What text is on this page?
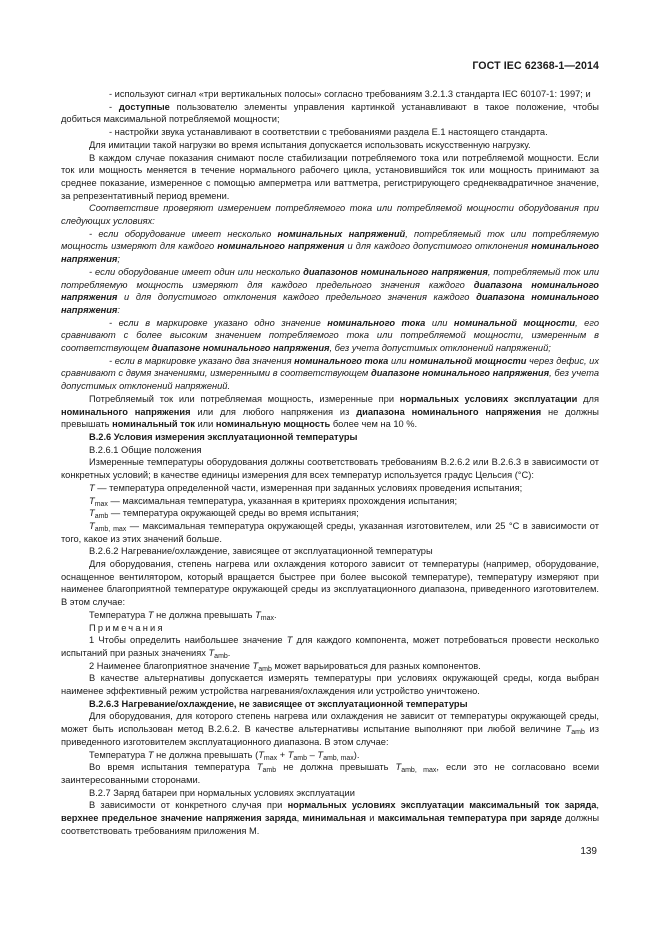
ГОСТ IEC 62368-1—2014

- используют сигнал «три вертикальных полосы» согласно требованиям 3.2.1.3 стандарта IEC 60107-1: 1997; и

- доступные пользователю элементы управления картинкой устанавливают в такое положение, чтобы добиться максимальной потребляемой мощности;

- настройки звука устанавливают в соответствии с требованиями раздела Е.1 настоящего стандарта.

Для имитации такой нагрузки во время испытания допускается использовать искусственную нагрузку.

В каждом случае показания снимают после стабилизации потребляемого тока или потребляемой мощности. Если ток или мощность меняется в течение нормального рабочего цикла, установившийся ток или мощность принимают за среднее показание, измеренное с помощью амперметра или ваттметра, регистрирующего среднеквадратичное значение, за репрезентативный период времени.

Соответствие проверяют измерением потребляемого тока или потребляемой мощности оборудования при следующих условиях:

- если оборудование имеет несколько номинальных напряжений, потребляемый ток или потребляемую мощность измеряют для каждого номинального напряжения и для каждого допустимого отклонения номинального напряжения;

- если оборудование имеет один или несколько диапазонов номинального напряжения, потребляемый ток или потребляемую мощность измеряют для каждого предельного значения каждого диапазона номинального напряжения и для допустимого отклонения каждого предельного значения каждого диапазона номинального напряжения:

- если в маркировке указано одно значение номинального тока или номинальной мощности, его сравнивают с более высоким значением потребляемого тока или потребляемой мощности, измеренным в соответствующем диапазоне номинального напряжения, без учета допустимых отклонений напряжений;

- если в маркировке указано два значения номинального тока или номинальной мощности через дефис, их сравнивают с двумя значениями, измеренными в соответствующем диапазоне номинального напряжения, без учета допустимых отклонений напряжений.

Потребляемый ток или потребляемая мощность, измеренные при нормальных условиях эксплуатации для номинального напряжения или для любого напряжения из диапазона номинального напряжения не должны превышать номинальный ток или номинальную мощность более чем на 10 %.

В.2.6 Условия измерения эксплуатационной температуры

В.2.6.1 Общие положения

Измеренные температуры оборудования должны соответствовать требованиям В.2.6.2 или В.2.6.3 в зависимости от конкретных условий; в качестве единицы измерения для всех температур используется градус Цельсия (°С):

T — температура определенной части, измеренная при заданных условиях проведения испытания;

$T_{max}$ — максимальная температура, указанная в критериях прохождения испытания;

$T_{amb}$ — температура окружающей среды во время испытания;

$T_{amb, max}$ — максимальная температура окружающей среды, указанная изготовителем, или 25 °С в зависимости от того, какое из этих значений больше.

В.2.6.2 Нагревание/охлаждение, зависящее от эксплуатационной температуры

Для оборудования, степень нагрева или охлаждения которого зависит от температуры (например, оборудование, оснащенное вентилятором, который вращается быстрее при более высокой температуре), температуру измеряют при наименее благоприятной температуре окружающей среды из эксплуатационного диапазона, приведенного изготовителем. В этом случае:

Температура T не должна превышать $T_{max}$.

Примечания

1 Чтобы определить наибольшее значение T для каждого компонента, может потребоваться провести несколько испытаний при разных значениях $T_{amb}$.

2 Наименее благоприятное значение $T_{amb}$ может варьироваться для разных компонентов.

В качестве альтернативы допускается измерять температуры при условиях окружающей среды, когда выбран наименее эффективный режим устройства нагревания/охлаждения или устройство уничтожено.

В.2.6.3 Нагревание/охлаждение, не зависящее от эксплуатационной температуры

Для оборудования, для которого степень нагрева или охлаждения не зависит от температуры окружающей среды, может быть использован метод В.2.6.2. В качестве альтернативы испытание выполняют при любой величине $T_{amb}$ из приведенного изготовителем эксплуатационного диапазона. В этом случае:

Температура T не должна превышать $(T_{max} + T_{amb} - T_{amb, max})$.

Во время испытания температура $T_{amb}$ не должна превышать $T_{amb, max}$, если это не согласовано всеми заинтересованными сторонами.

В.2.7 Заряд батареи при нормальных условиях эксплуатации

В зависимости от конкретного случая при нормальных условиях эксплуатации максимальный ток заряда, верхнее предельное значение напряжения заряда, минимальная и максимальная температура при заряде должны соответствовать требованиям приложения М.

139
